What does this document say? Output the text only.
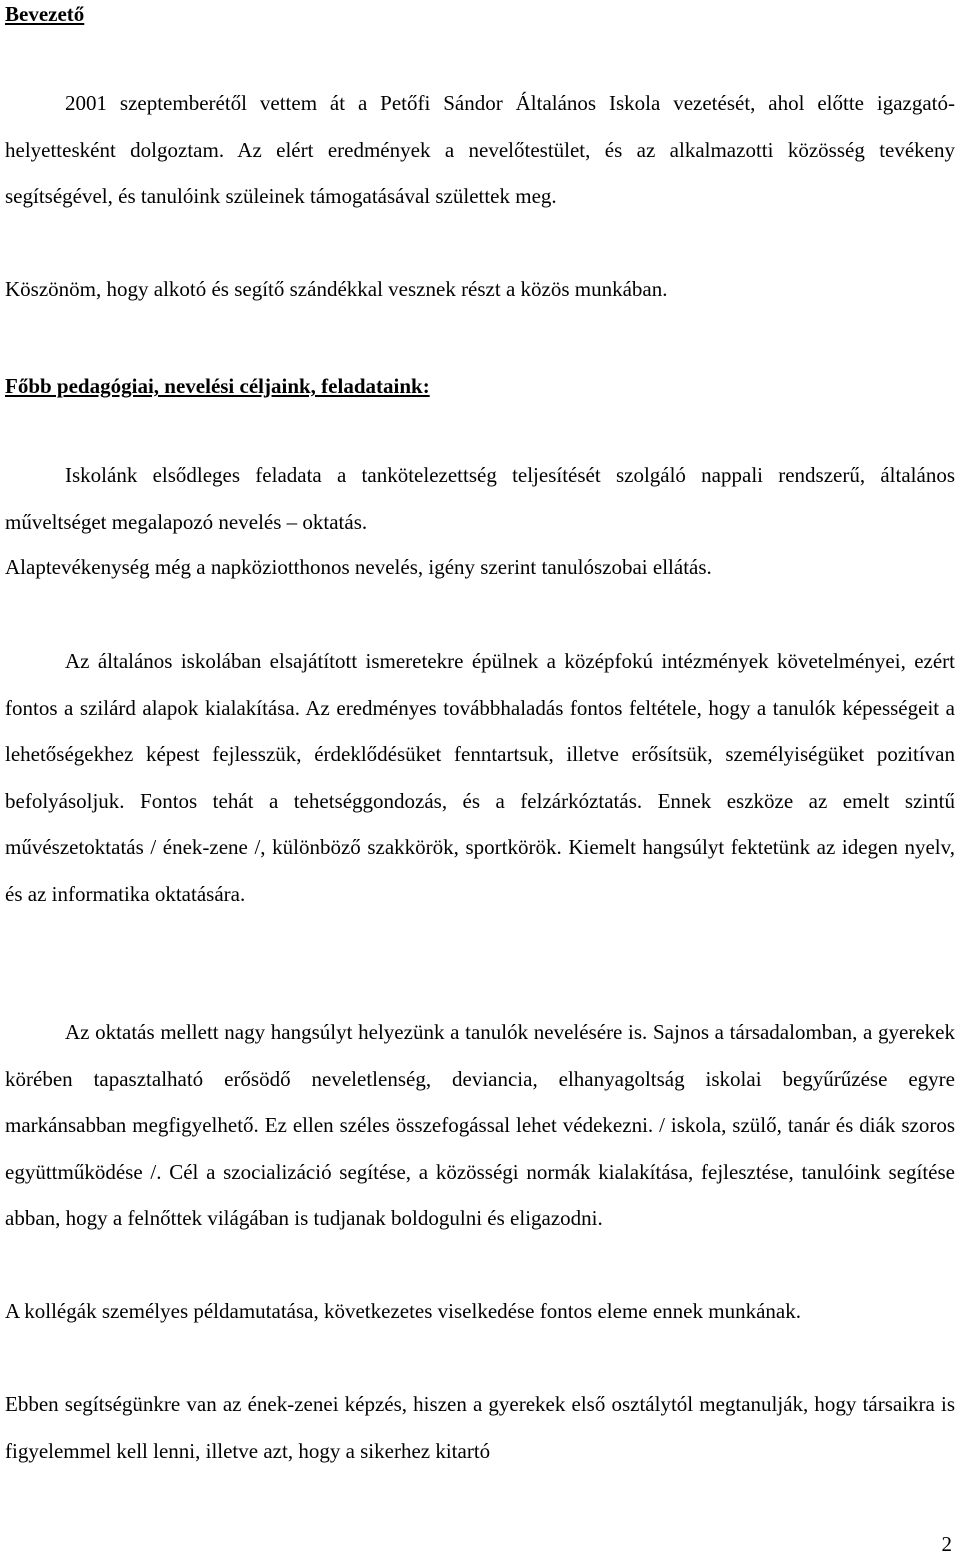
Bevezető

2001 szeptemberétől vettem át a Petőfi Sándor Általános Iskola vezetését, ahol előtte igazgató-helyettesként dolgoztam. Az elért eredmények a nevelőtestület, és az alkalmazotti közösség tevékeny segítségével, és tanulóink szüleinek támogatásával születtek meg.

Köszönöm, hogy alkotó és segítő szándékkal vesznek részt a közös munkában.

Főbb pedagógiai, nevelési céljaink, feladataink:

Iskolánk elsődleges feladata a tankötelezettség teljesítését szolgáló nappali rendszerű, általános műveltséget megalapozó nevelés – oktatás.

Alaptevékenység még a napköziotthonos nevelés, igény szerint tanulószobai ellátás.

Az általános iskolában elsajátított ismeretekre épülnek a középfokú intézmények követelményei, ezért fontos a szilárd alapok kialakítása. Az eredményes továbbhaladás fontos feltétele, hogy a tanulók képességeit a lehetőségekhez képest fejlesszük, érdeklődésüket fenntartsuk, illetve erősítsük, személyiségüket pozitívan befolyásoljuk. Fontos tehát a tehetséggondozás, és a felzárkóztatás. Ennek eszköze az emelt szintű művészetoktatás / ének-zene /, különböző szakkörök, sportkörök. Kiemelt hangsúlyt fektetünk az idegen nyelv, és az informatika oktatására.

Az oktatás mellett nagy hangsúlyt helyezünk a tanulók nevelésére is. Sajnos a társadalomban, a gyerekek körében tapasztalható erősödő neveletlenség, deviancia, elhanyagoltság iskolai begyűrűzése egyre markánsabban megfigyelhető. Ez ellen széles összefogással lehet védekezni. / iskola, szülő, tanár és diák szoros együttműködése /. Cél a szocializáció segítése, a közösségi normák kialakítása, fejlesztése, tanulóink segítése abban, hogy a felnőttek világában is tudjanak boldogulni és eligazodni.

A kollégák személyes példamutatása, következetes viselkedése fontos eleme ennek munkának.

Ebben segítségünkre van az ének-zenei képzés, hiszen a gyerekek első osztálytól megtanulják, hogy társaikra is figyelemmel kell lenni, illetve azt, hogy a sikerhez kitartó

2
